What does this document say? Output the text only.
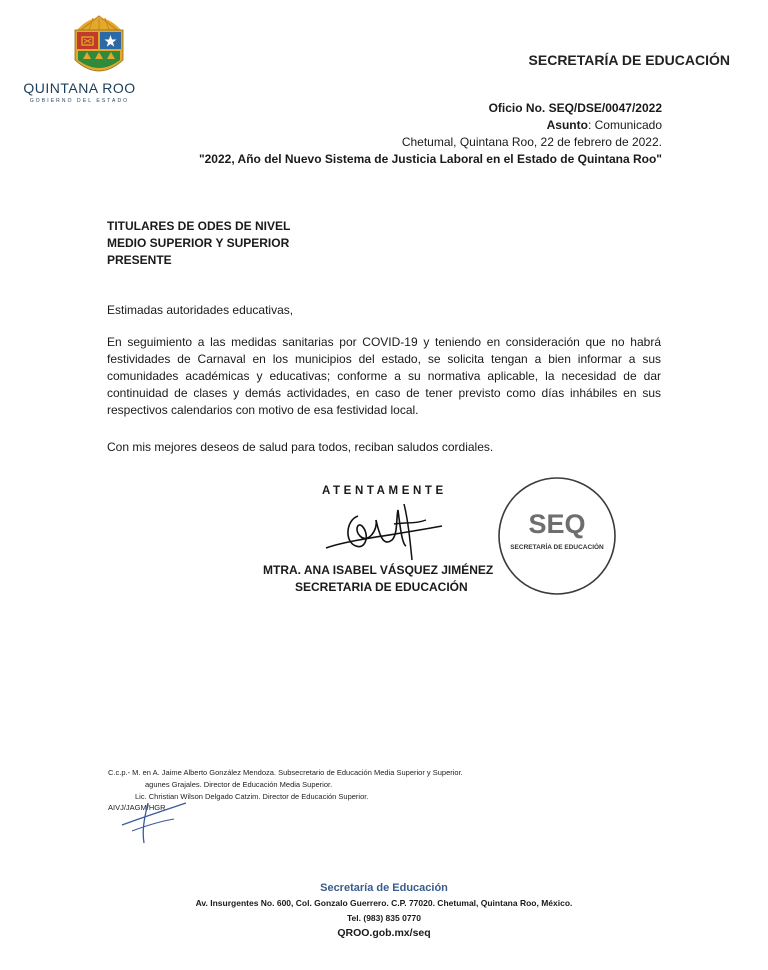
QUINTANA ROO
GOBIERNO DEL ESTADO
SECRETARÍA DE EDUCACIÓN
Oficio No. SEQ/DSE/0047/2022
Asunto: Comunicado
Chetumal, Quintana Roo, 22 de febrero de 2022.
"2022, Año del Nuevo Sistema de Justicia Laboral en el Estado de Quintana Roo"
TITULARES DE ODES DE NIVEL
MEDIO SUPERIOR Y SUPERIOR
PRESENTE
Estimadas autoridades educativas,
En seguimiento a las medidas sanitarias por COVID-19 y teniendo en consideración que no habrá festividades de Carnaval en los municipios del estado, se solicita tengan a bien informar a sus comunidades académicas y educativas; conforme a su normativa aplicable, la necesidad de dar continuidad de clases y demás actividades, en caso de tener previsto como días inhábiles en sus respectivos calendarios con motivo de esa festividad local.
Con mis mejores deseos de salud para todos, reciban saludos cordiales.
ATENTAMENTE
MTRA. ANA ISABEL VÁSQUEZ JIMÉNEZ
SECRETARIA DE EDUCACIÓN
SEQ
SECRETARÍA DE EDUCACIÓN
C.c.p.- M. en A. Jaime Alberto González Mendoza. Subsecretario de Educación Media Superior y Superior.
agunes Grajales. Director de Educación Media Superior.
Lic. Christian Wilson Delgado Catzim. Director de Educación Superior.
AIVJ/JAGM/HGR
Secretaría de Educación
Av. Insurgentes No. 600, Col. Gonzalo Guerrero. C.P. 77020. Chetumal, Quintana Roo, México.
Tel. (983) 835 0770
QROO.gob.mx/seq
